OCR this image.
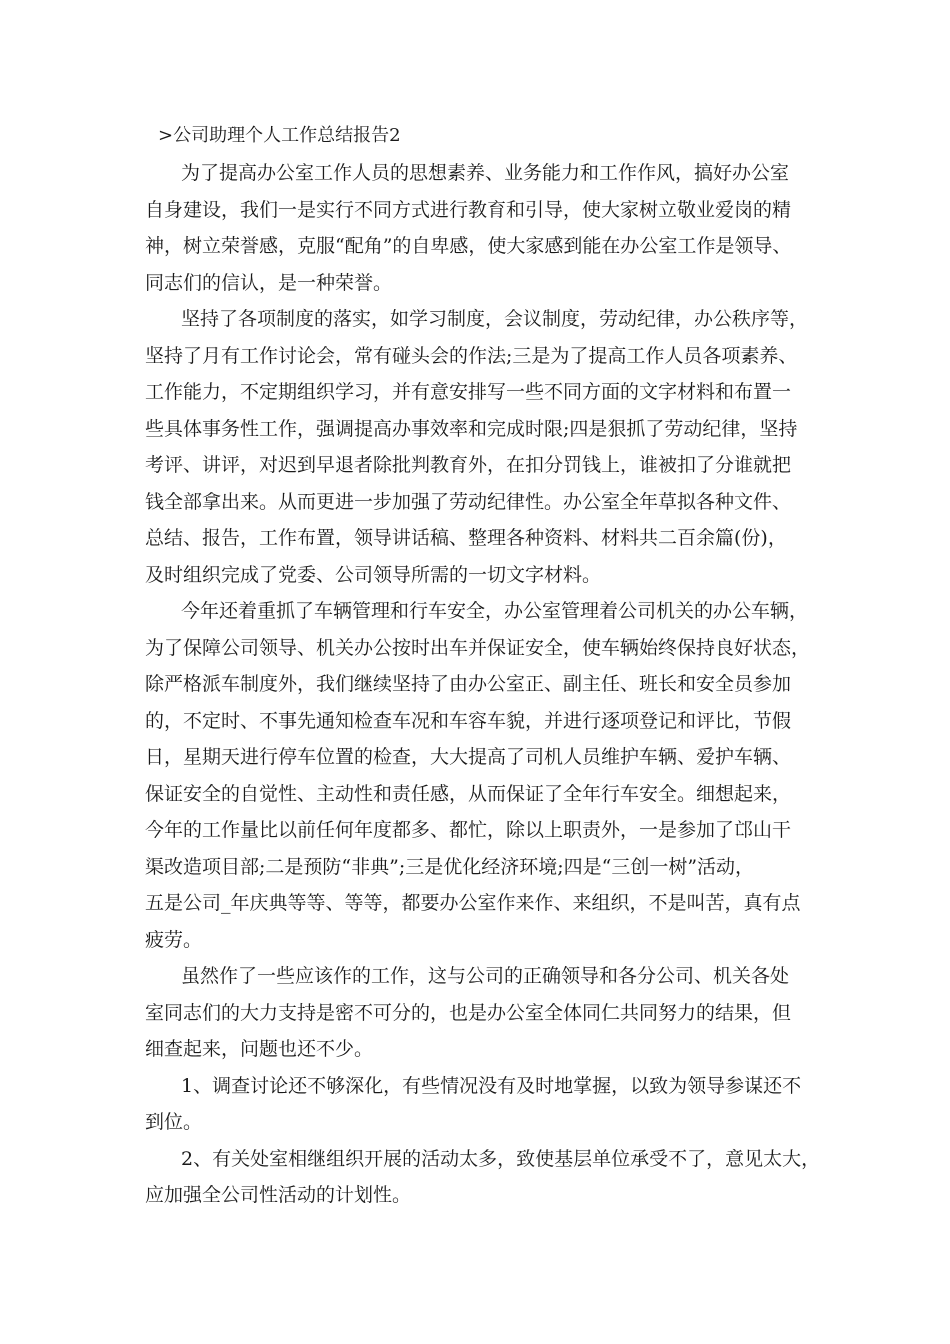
>公司助理个人工作总结报告2
为了提高办公室工作人员的思想素养、业务能力和工作作风，搞好办公室
自身建设，我们一是实行不同方式进行教育和引导，使大家树立敬业爱岗的精
神，树立荣誉感，克服“配角”的自卑感，使大家感到能在办公室工作是领导、
同志们的信认，是一种荣誉。
坚持了各项制度的落实，如学习制度，会议制度，劳动纪律，办公秩序等，
坚持了月有工作讨论会，常有碰头会的作法;三是为了提高工作人员各项素养、
工作能力，不定期组织学习，并有意安排写一些不同方面的文字材料和布置一
些具体事务性工作，强调提高办事效率和完成时限;四是狠抓了劳动纪律，坚持
考评、讲评，对迟到早退者除批判教育外，在扣分罚钱上，谁被扣了分谁就把
钱全部拿出来。从而更进一步加强了劳动纪律性。办公室全年草拟各种文件、
总结、报告，工作布置，领导讲话稿、整理各种资料、材料共二百余篇(份)，
及时组织完成了党委、公司领导所需的一切文字材料。
今年还着重抓了车辆管理和行车安全，办公室管理着公司机关的办公车辆，
为了保障公司领导、机关办公按时出车并保证安全，使车辆始终保持良好状态，
除严格派车制度外，我们继续坚持了由办公室正、副主任、班长和安全员参加
的，不定时、不事先通知检查车况和车容车貌，并进行逐项登记和评比，节假
日，星期天进行停车位置的检查，大大提高了司机人员维护车辆、爱护车辆、
保证安全的自觉性、主动性和责任感，从而保证了全年行车安全。细想起来，
今年的工作量比以前任何年度都多、都忙，除以上职责外，一是参加了邙山干
渠改造项目部;二是预防“非典”;三是优化经济环境;四是“三创一树”活动，
五是公司_年庆典等等、等等，都要办公室作来作、来组织，不是叫苦，真有点
疲劳。
虽然作了一些应该作的工作，这与公司的正确领导和各分公司、机关各处
室同志们的大力支持是密不可分的，也是办公室全体同仁共同努力的结果，但
细查起来，问题也还不少。
1、调查讨论还不够深化，有些情况没有及时地掌握，以致为领导参谋还不
到位。
2、有关处室相继组织开展的活动太多，致使基层单位承受不了，意见太大，
应加强全公司性活动的计划性。
